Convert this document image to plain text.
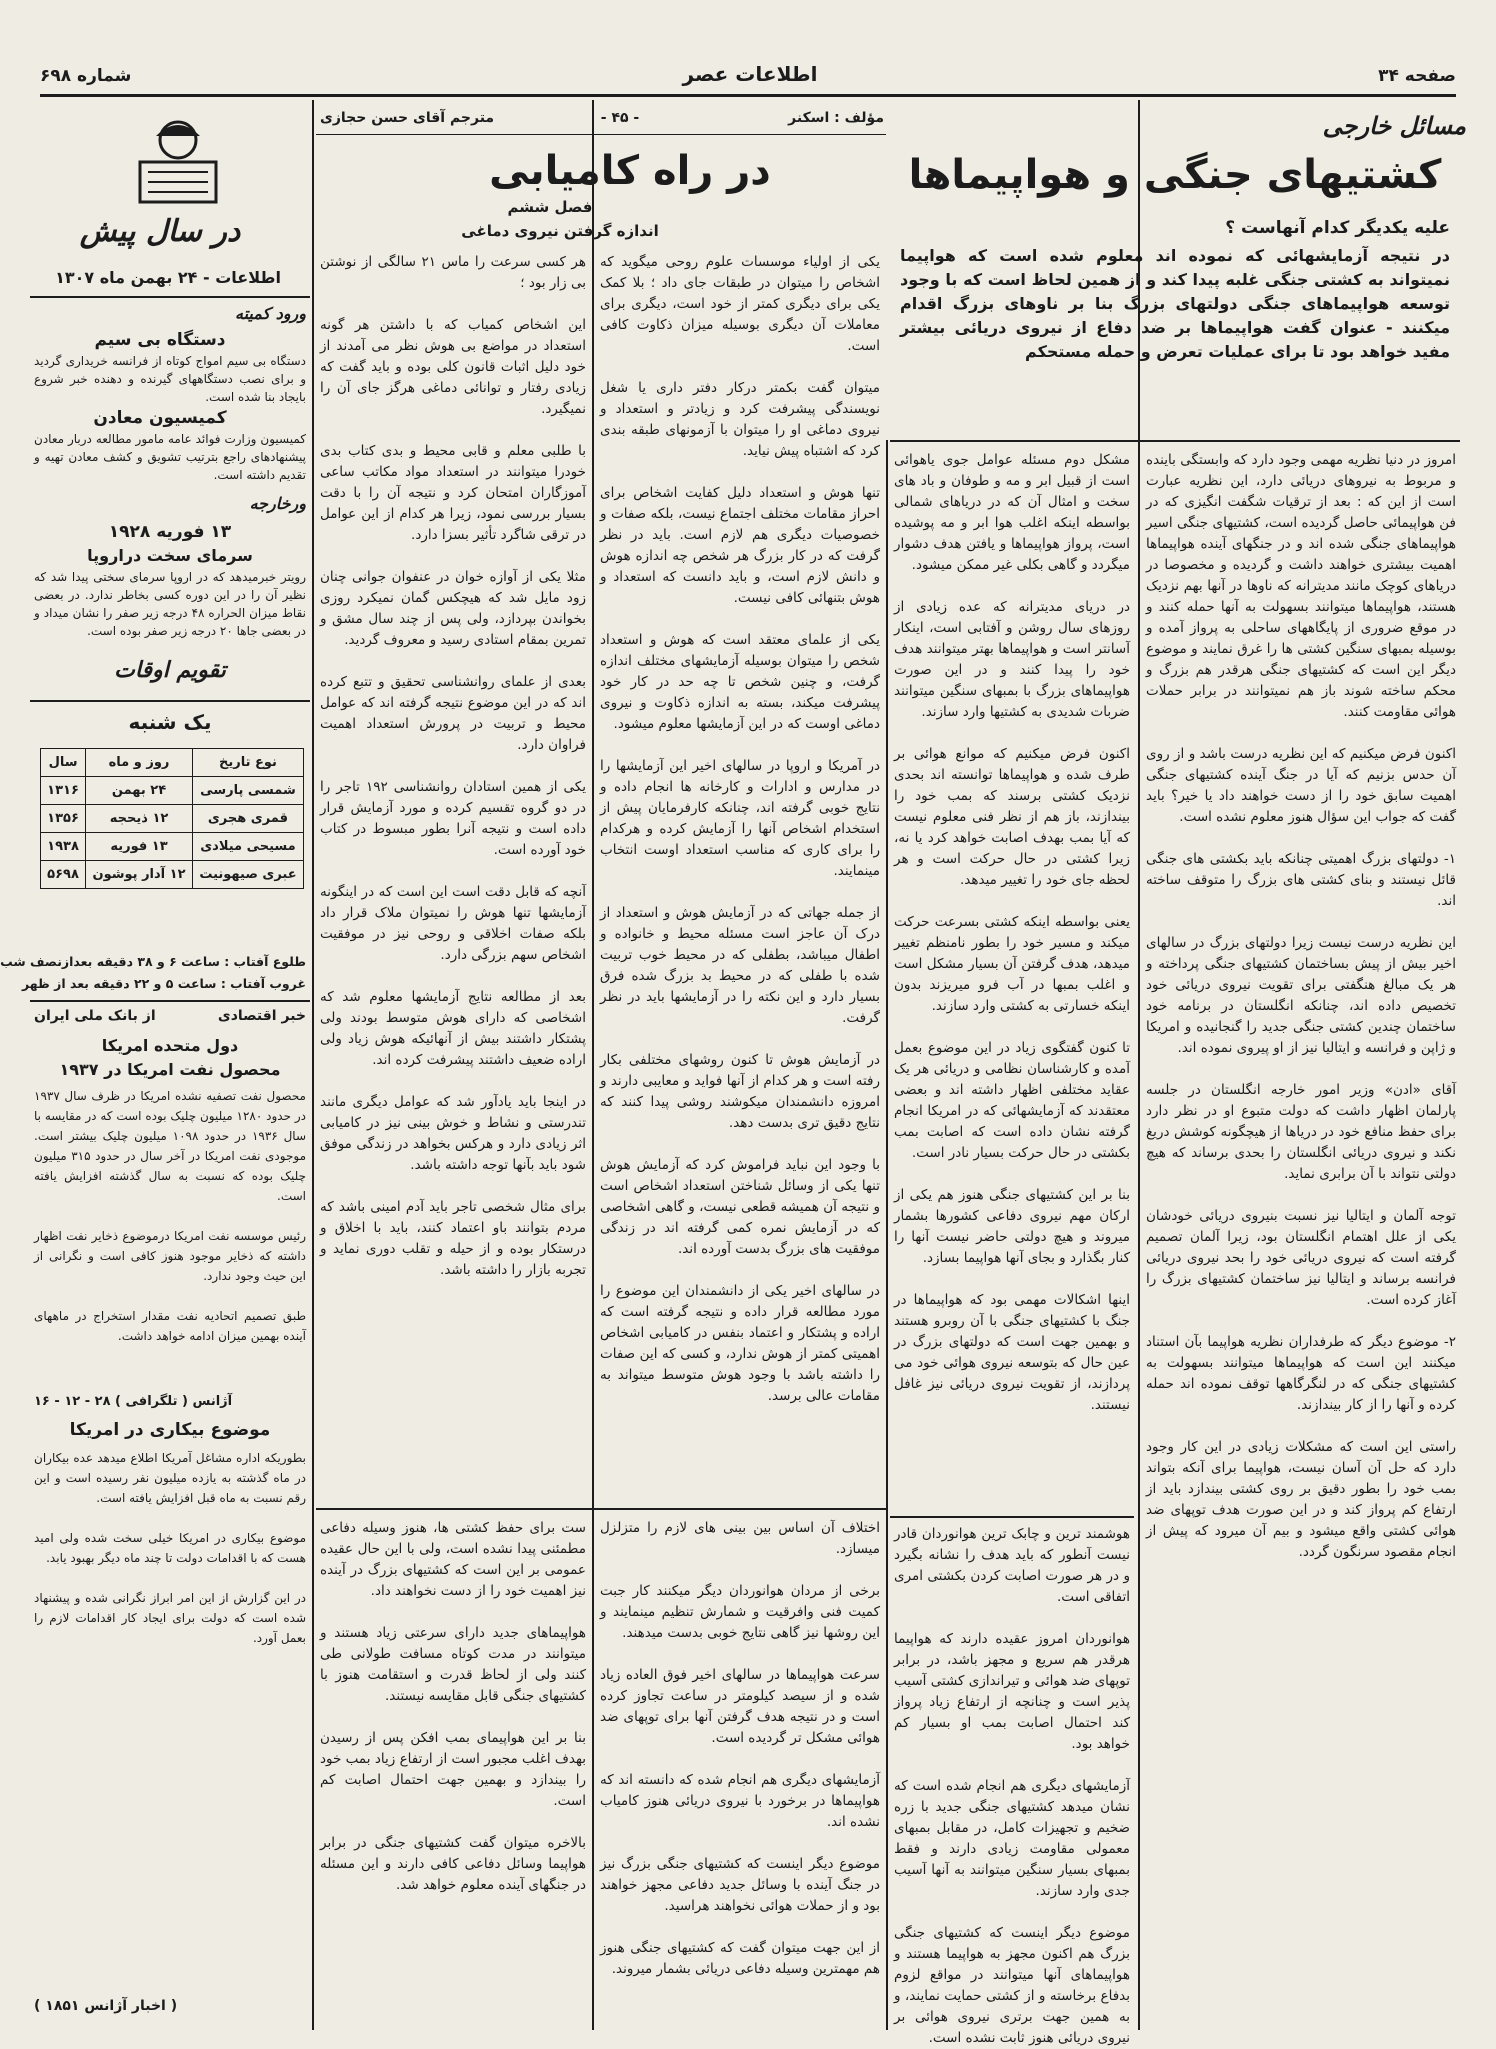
صفحه ۳۴
اطلاعات عصر
شماره ۶۹۸
مسائل خارجی
کشتیهای جنگی و هواپیماها
علیه یکدیگر کدام آنهاست ؟
در نتیجه آزمایشهائی که نموده اند معلوم شده است که هواپیما نمیتواند به کشتی جنگی غلبه پیدا کند و از همین لحاظ است که با وجود توسعه هواپیماهای جنگی دولتهای بزرگ بنا بر ناوهای بزرگ اقدام میکنند - عنوان گفت هواپیماها بر ضد دفاع از نیروی دریائی بیشتر مفید خواهد بود تا برای عملیات تعرض و حمله مستحکم
امروز در دنیا نظریه مهمی وجود دارد که وابستگی باینده و مربوط به نیروهای دریائی دارد، این نظریه عبارت است از این که : بعد از ترقیات شگفت انگیزی که در فن هواپیمائی حاصل گردیده است، کشتیهای جنگی اسیر هواپیماهای جنگی شده اند و در جنگهای آینده هواپیماها اهمیت بیشتری خواهند داشت و گردیده و مخصوصا در دریاهای کوچک مانند مدیترانه که ناوها در آنها بهم نزدیک هستند، هواپیماها میتوانند بسهولت به آنها حمله کنند و در موقع ضروری از پایگاههای ساحلی به پرواز آمده و بوسیله بمبهای سنگین کشتی ها را غرق نمایند و موضوع دیگر این است که کشتیهای جنگی هرقدر هم بزرگ و محکم ساخته شوند باز هم نمیتوانند در برابر حملات هوائی مقاومت کنند.

اکنون فرض میکنیم که این نظریه درست باشد و از روی آن حدس بزنیم که آیا در جنگ آینده کشتیهای جنگی اهمیت سابق خود را از دست خواهند داد یا خیر؟ باید گفت که جواب این سؤال هنوز معلوم نشده است.

۱- دولتهای بزرگ اهمیتی چنانکه باید بکشتی های جنگی قائل نیستند و بنای کشتی های بزرگ را متوقف ساخته اند.

این نظریه درست نیست زیرا دولتهای بزرگ در سالهای اخیر بیش از پیش بساختمان کشتیهای جنگی پرداخته و هر یک مبالغ هنگفتی برای تقویت نیروی دریائی خود تخصیص داده اند، چنانکه انگلستان در برنامه خود ساختمان چندین کشتی جنگی جدید را گنجانیده و امریکا و ژاپن و فرانسه و ایتالیا نیز از او پیروی نموده اند.

آقای «ادن» وزیر امور خارجه انگلستان در جلسه پارلمان اظهار داشت که دولت متبوع او در نظر دارد برای حفظ منافع خود در دریاها از هیچگونه کوشش دریغ نکند و نیروی دریائی انگلستان را بحدی برساند که هیچ دولتی نتواند با آن برابری نماید.

توجه آلمان و ایتالیا نیز نسبت بنیروی دریائی خودشان یکی از علل اهتمام انگلستان بود، زیرا آلمان تصمیم گرفته است که نیروی دریائی خود را بحد نیروی دریائی فرانسه برساند و ایتالیا نیز ساختمان کشتیهای بزرگ را آغاز کرده است.

۲- موضوع دیگر که طرفداران نظریه هواپیما بآن استناد میکنند این است که هواپیماها میتوانند بسهولت به کشتیهای جنگی که در لنگرگاهها توقف نموده اند حمله کرده و آنها را از کار بیندازند.

راستی این است که مشکلات زیادی در این کار وجود دارد که حل آن آسان نیست، هواپیما برای آنکه بتواند بمب خود را بطور دقیق بر روی کشتی بیندازد باید از ارتفاع کم پرواز کند و در این صورت هدف توپهای ضد هوائی کشتی واقع میشود و بیم آن میرود که پیش از انجام مقصود سرنگون گردد.
مشکل دوم مسئله عوامل جوی یاهوائی است از قبیل ابر و مه و طوفان و باد های سخت و امثال آن که در دریاهای شمالی بواسطه اینکه اغلب هوا ابر و مه پوشیده است، پرواز هواپیماها و یافتن هدف دشوار میگردد و گاهی بکلی غیر ممکن میشود.

در دریای مدیترانه که عده زیادی از روزهای سال روشن و آفتابی است، اینکار آسانتر است و هواپیماها بهتر میتوانند هدف خود را پیدا کنند و در این صورت هواپیماهای بزرگ با بمبهای سنگین میتوانند ضربات شدیدی به کشتیها وارد سازند.

اکنون فرض میکنیم که موانع هوائی بر طرف شده و هواپیماها توانسته اند بحدی نزدیک کشتی برسند که بمب خود را بیندازند، باز هم از نظر فنی معلوم نیست که آیا بمب بهدف اصابت خواهد کرد یا نه، زیرا کشتی در حال حرکت است و هر لحظه جای خود را تغییر میدهد.

یعنی بواسطه اینکه کشتی بسرعت حرکت میکند و مسیر خود را بطور نامنظم تغییر میدهد، هدف گرفتن آن بسیار مشکل است و اغلب بمبها در آب فرو میریزند بدون اینکه خسارتی به کشتی وارد سازند.

تا کنون گفتگوی زیاد در این موضوع بعمل آمده و کارشناسان نظامی و دریائی هر یک عقاید مختلفی اظهار داشته اند و بعضی معتقدند که آزمایشهائی که در امریکا انجام گرفته نشان داده است که اصابت بمب بکشتی در حال حرکت بسیار نادر است.

بنا بر این کشتیهای جنگی هنوز هم یکی از ارکان مهم نیروی دفاعی کشورها بشمار میروند و هیچ دولتی حاضر نیست آنها را کنار بگذارد و بجای آنها هواپیما بسازد.

اینها اشکالات مهمی بود که هواپیماها در جنگ با کشتیهای جنگی با آن روبرو هستند و بهمین جهت است که دولتهای بزرگ در عین حال که بتوسعه نیروی هوائی خود می پردازند، از تقویت نیروی دریائی نیز غافل نیستند.
هوشمند ترین و چابک ترین هوانوردان قادر نیست آنطور که باید هدف را نشانه بگیرد و در هر صورت اصابت کردن بکشتی امری اتفاقی است.

هوانوردان امروز عقیده دارند که هواپیما هرقدر هم سریع و مجهز باشد، در برابر توپهای ضد هوائی و تیراندازی کشتی آسیب پذیر است و چنانچه از ارتفاع زیاد پرواز کند احتمال اصابت بمب او بسیار کم خواهد بود.

آزمایشهای دیگری هم انجام شده است که نشان میدهد کشتیهای جنگی جدید با زره ضخیم و تجهیزات کامل، در مقابل بمبهای معمولی مقاومت زیادی دارند و فقط بمبهای بسیار سنگین میتوانند به آنها آسیب جدی وارد سازند.

موضوع دیگر اینست که کشتیهای جنگی بزرگ هم اکنون مجهز به هواپیما هستند و هواپیماهای آنها میتوانند در مواقع لزوم بدفاع برخاسته و از کشتی حمایت نمایند، و به همین جهت برتری نیروی هوائی بر نیروی دریائی هنوز ثابت نشده است.
مؤلف : اسکنر
- ۴۵ -
مترجم آقای حسن حجازی
در راه کامیابی
فصل ششم
اندازه گرفتن نیروی دماغی
یکی از اولیاء موسسات علوم روحی میگوید که اشخاص را میتوان در طبقات جای داد ؛ بلا کمک یکی برای دیگری کمتر از خود است، دیگری برای معاملات آن دیگری بوسیله میزان ذکاوت کافی است.

میتوان گفت بکمتر درکار دفتر داری یا شغل نویسندگی پیشرفت کرد و زیادتر و استعداد و نیروی دماغی او را میتوان با آزمونهای طبقه بندی کرد که اشتباه پیش نیاید.

تنها هوش و استعداد دلیل کفایت اشخاص برای احراز مقامات مختلف اجتماع نیست، بلکه صفات و خصوصیات دیگری هم لازم است. باید در نظر گرفت که در کار بزرگ هر شخص چه اندازه هوش و دانش لازم است، و باید دانست که استعداد و هوش بتنهائی کافی نیست.

یکی از علمای معتقد است که هوش و استعداد شخص را میتوان بوسیله آزمایشهای مختلف اندازه گرفت، و چنین شخص تا چه حد در کار خود پیشرفت میکند، بسته به اندازه ذکاوت و نیروی دماغی اوست که در این آزمایشها معلوم میشود.

در آمریکا و اروپا در سالهای اخیر این آزمایشها را در مدارس و ادارات و کارخانه ها انجام داده و نتایج خوبی گرفته اند، چنانکه کارفرمایان پیش از استخدام اشخاص آنها را آزمایش کرده و هرکدام را برای کاری که مناسب استعداد اوست انتخاب مینمایند.

از جمله جهاتی که در آزمایش هوش و استعداد از درک آن عاجز است مسئله محیط و خانواده و اطفال میباشد، بطفلی که در محیط خوب تربیت شده با طفلی که در محیط بد بزرگ شده فرق بسیار دارد و این نکته را در آزمایشها باید در نظر گرفت.

در آزمایش هوش تا کنون روشهای مختلفی بکار رفته است و هر کدام از آنها فواید و معایبی دارند و امروزه دانشمندان میکوشند روشی پیدا کنند که نتایج دقیق تری بدست دهد.

با وجود این نباید فراموش کرد که آزمایش هوش تنها یکی از وسائل شناختن استعداد اشخاص است و نتیجه آن همیشه قطعی نیست، و گاهی اشخاصی که در آزمایش نمره کمی گرفته اند در زندگی موفقیت های بزرگ بدست آورده اند.

در سالهای اخیر یکی از دانشمندان این موضوع را مورد مطالعه قرار داده و نتیجه گرفته است که اراده و پشتکار و اعتماد بنفس در کامیابی اشخاص اهمیتی کمتر از هوش ندارد، و کسی که این صفات را داشته باشد با وجود هوش متوسط میتواند به مقامات عالی برسد.
اختلاف آن اساس بین بینی های لازم را متزلزل میسازد.

برخی از مردان هوانوردان دیگر میکنند کار جبت کمیت فنی وافرقیت و شمارش تنظیم مینمایند و این روشها نیز گاهی نتایج خوبی بدست میدهند.

سرعت هواپیماها در سالهای اخیر فوق العاده زیاد شده و از سیصد کیلومتر در ساعت تجاوز کرده است و در نتیجه هدف گرفتن آنها برای توپهای ضد هوائی مشکل تر گردیده است.

آزمایشهای دیگری هم انجام شده که دانسته اند که هواپیماها در برخورد با نیروی دریائی هنوز کامیاب نشده اند.

موضوع دیگر اینست که کشتیهای جنگی بزرگ نیز در جنگ آینده با وسائل جدید دفاعی مجهز خواهند بود و از حملات هوائی نخواهند هراسید.

از این جهت میتوان گفت که کشتیهای جنگی هنوز هم مهمترین وسیله دفاعی دریائی بشمار میروند.
هر کسی سرعت را ماس ۲۱ سالگی از نوشتن بی زار بود ؛

این اشخاص کمیاب که با داشتن هر گونه استعداد در مواضع بی هوش نظر می آمدند از خود دلیل اثبات قانون کلی بوده و باید گفت که زیادی رفتار و توانائی دماغی هرگز جای آن را نمیگیرد.

با طلبی معلم و قابی محیط و بدی کتاب بدی خودرا میتوانند در استعداد مواد مکاتب ساعی آموزگاران امتحان کرد و نتیجه آن را با دقت بسیار بررسی نمود، زیرا هر کدام از این عوامل در ترقی شاگرد تأثیر بسزا دارد.

مثلا یکی از آوازه خوان در عنفوان جوانی چنان زود مایل شد که هیچکس گمان نمیکرد روزی بخواندن بپردازد، ولی پس از چند سال مشق و تمرین بمقام استادی رسید و معروف گردید.

بعدی از علمای روانشناسی تحقیق و تتبع کرده اند که در این موضوع نتیجه گرفته اند که عوامل محیط و تربیت در پرورش استعداد اهمیت فراوان دارد.

یکی از همین استادان روانشناسی ۱۹۲ تاجر را در دو گروه تقسیم کرده و مورد آزمایش قرار داده است و نتیجه آنرا بطور مبسوط در کتاب خود آورده است.

آنچه که قابل دقت است این است که در اینگونه آزمایشها تنها هوش را نمیتوان ملاک قرار داد بلکه صفات اخلاقی و روحی نیز در موفقیت اشخاص سهم بزرگی دارد.

بعد از مطالعه نتایج آزمایشها معلوم شد که اشخاصی که دارای هوش متوسط بودند ولی پشتکار داشتند بیش از آنهائیکه هوش زیاد ولی اراده ضعیف داشتند پیشرفت کرده اند.

در اینجا باید یادآور شد که عوامل دیگری مانند تندرستی و نشاط و خوش بینی نیز در کامیابی اثر زیادی دارد و هرکس بخواهد در زندگی موفق شود باید بآنها توجه داشته باشد.

برای مثال شخصی تاجر باید آدم امینی باشد که مردم بتوانند باو اعتماد کنند، باید با اخلاق و درستکار بوده و از حیله و تقلب دوری نماید و تجربه بازار را داشته باشد.
ست برای حفظ کشتی ها، هنوز وسیله دفاعی مطمئنی پیدا نشده است، ولی با این حال عقیده عمومی بر این است که کشتیهای بزرگ در آینده نیز اهمیت خود را از دست نخواهند داد.

هواپیماهای جدید دارای سرعتی زیاد هستند و میتوانند در مدت کوتاه مسافت طولانی طی کنند ولی از لحاظ قدرت و استقامت هنوز با کشتیهای جنگی قابل مقایسه نیستند.

بنا بر این هواپیمای بمب افکن پس از رسیدن بهدف اغلب مجبور است از ارتفاع زیاد بمب خود را بیندازد و بهمین جهت احتمال اصابت کم است.

بالاخره میتوان گفت کشتیهای جنگی در برابر هواپیما وسائل دفاعی کافی دارند و این مسئله در جنگهای آینده معلوم خواهد شد.
در سال پیش
اطلاعات - ۲۴ بهمن ماه ۱۳۰۷
ورود کمیته
دستگاه بی سیم
دستگاه بی سیم امواج کوتاه از فرانسه خریداری گردید و برای نصب دستگاههای گیرنده و دهنده خبر شروع بایجاد بنا شده است.
کمیسیون معادن
کمیسیون وزارت فوائد عامه مامور مطالعه دربار معادن پیشنهادهای راجع بترتیب تشویق و کشف معادن تهیه و تقدیم داشته است.
ورخارجه
۱۳ فوریه ۱۹۲۸
سرمای سخت دراروپا
رویتر خبرمیدهد که در اروپا سرمای سختی پیدا شد که نظیر آن را در این دوره کسی بخاطر ندارد. در بعضی نقاط میزان الحراره ۴۸ درجه زیر صفر را نشان میداد و در بعضی جاها ۲۰ درجه زیر صفر بوده است.
تقویم اوقات
یک شنبه
نوع تاریخ	روز و ماه	سال
شمسی پارسی	۲۴ بهمن	۱۳۱۶
قمری هجری	۱۲ ذیحجه	۱۳۵۶
مسیحی میلادی	۱۳ فوریه	۱۹۳۸
عبری صیهونیت	۱۲ آدار پوشون	۵۶۹۸
طلوع آفتاب : ساعت ۶ و ۳۸ دقیقه بعدازنصف شب
غروب آفتاب : ساعت ۵ و ۲۲ دقیقه بعد از ظهر
خبر اقتصادی
از بانک ملی ایران
دول متحده امریکا
محصول نفت امریکا در ۱۹۳۷
محصول نفت تصفیه نشده امریکا در ظرف سال ۱۹۳۷ در حدود ۱۲۸۰ میلیون چلیک بوده است که در مقایسه با سال ۱۹۳۶ در حدود ۱۰۹۸ میلیون چلیک بیشتر است. موجودی نفت امریکا در آخر سال در حدود ۳۱۵ میلیون چلیک بوده که نسبت به سال گذشته افزایش یافته است.

رئیس موسسه نفت امریکا درموضوع ذخایر نفت اظهار داشته که ذخایر موجود هنوز کافی است و نگرانی از این حیث وجود ندارد.

طبق تصمیم اتحادیه نفت مقدار استخراج در ماههای آینده بهمین میزان ادامه خواهد داشت.
آژانس ( تلگرافی ) ۲۸ - ۱۲ - ۱۶
موضوع بیکاری در امریکا
بطوریکه اداره مشاغل آمریکا اطلاع میدهد عده بیکاران در ماه گذشته به یازده میلیون نفر رسیده است و این رقم نسبت به ماه قبل افزایش یافته است.

موضوع بیکاری در امریکا خیلی سخت شده ولی امید هست که با اقدامات دولت تا چند ماه دیگر بهبود یابد.

در این گزارش از این امر ابراز نگرانی شده و پیشنهاد شده است که دولت برای ایجاد کار اقدامات لازم را بعمل آورد.
( اخبار آژانس ۱۸۵۱ )
